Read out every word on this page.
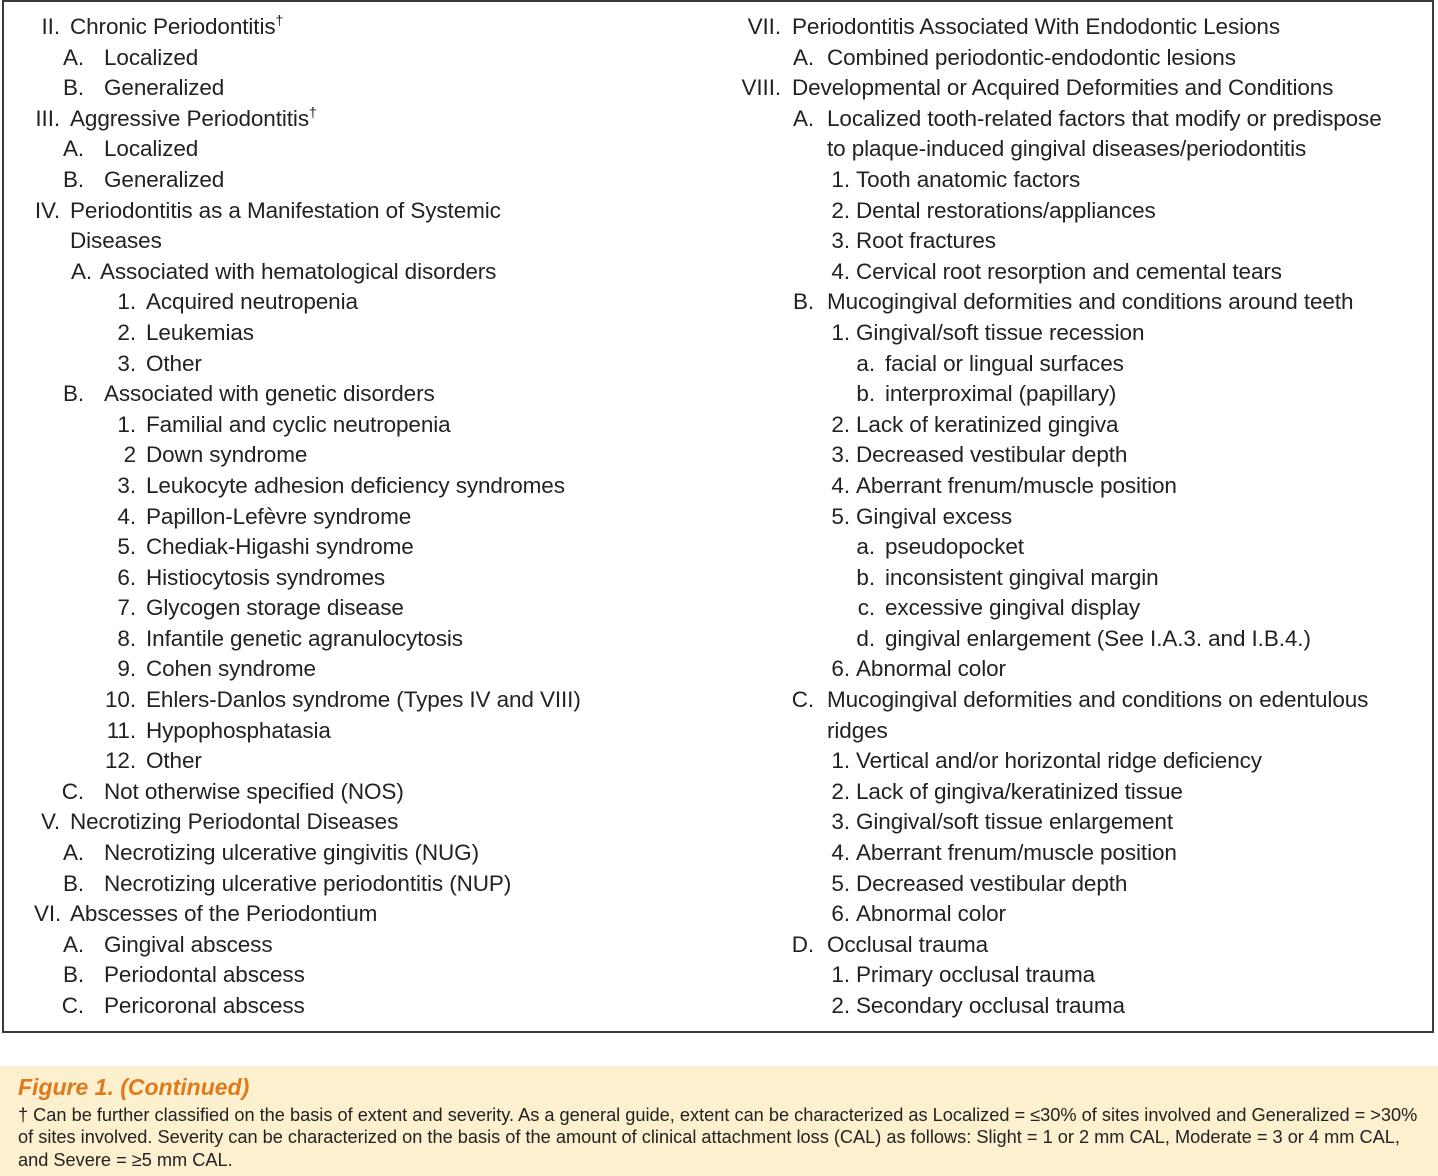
II. Chronic Periodontitis†
A. Localized
B. Generalized
III. Aggressive Periodontitis†
A. Localized
B. Generalized
IV. Periodontitis as a Manifestation of Systemic
Diseases
A. Associated with hematological disorders
1. Acquired neutropenia
2. Leukemias
3. Other
B. Associated with genetic disorders
1. Familial and cyclic neutropenia
2 Down syndrome
3. Leukocyte adhesion deficiency syndromes
4. Papillon-Lefèvre syndrome
5. Chediak-Higashi syndrome
6. Histiocytosis syndromes
7. Glycogen storage disease
8. Infantile genetic agranulocytosis
9. Cohen syndrome
10. Ehlers-Danlos syndrome (Types IV and VIII)
11. Hypophosphatasia
12. Other
C. Not otherwise specified (NOS)
V. Necrotizing Periodontal Diseases
A. Necrotizing ulcerative gingivitis (NUG)
B. Necrotizing ulcerative periodontitis (NUP)
VI. Abscesses of the Periodontium
A. Gingival abscess
B. Periodontal abscess
C. Pericoronal abscess
VII. Periodontitis Associated With Endodontic Lesions
A. Combined periodontic-endodontic lesions
VIII. Developmental or Acquired Deformities and Conditions
A. Localized tooth-related factors that modify or predispose
to plaque-induced gingival diseases/periodontitis
1. Tooth anatomic factors
2. Dental restorations/appliances
3. Root fractures
4. Cervical root resorption and cemental tears
B. Mucogingival deformities and conditions around teeth
1. Gingival/soft tissue recession
a. facial or lingual surfaces
b. interproximal (papillary)
2. Lack of keratinized gingiva
3. Decreased vestibular depth
4. Aberrant frenum/muscle position
5. Gingival excess
a. pseudopocket
b. inconsistent gingival margin
c. excessive gingival display
d. gingival enlargement (See I.A.3. and I.B.4.)
6. Abnormal color
C. Mucogingival deformities and conditions on edentulous
ridges
1. Vertical and/or horizontal ridge deficiency
2. Lack of gingiva/keratinized tissue
3. Gingival/soft tissue enlargement
4. Aberrant frenum/muscle position
5. Decreased vestibular depth
6. Abnormal color
D. Occlusal trauma
1. Primary occlusal trauma
2. Secondary occlusal trauma
Figure 1. (Continued)
† Can be further classified on the basis of extent and severity. As a general guide, extent can be characterized as Localized = ≤30% of sites involved and Generalized = >30% of sites involved. Severity can be characterized on the basis of the amount of clinical attachment loss (CAL) as follows: Slight = 1 or 2 mm CAL, Moderate = 3 or 4 mm CAL, and Severe = ≥5 mm CAL.
